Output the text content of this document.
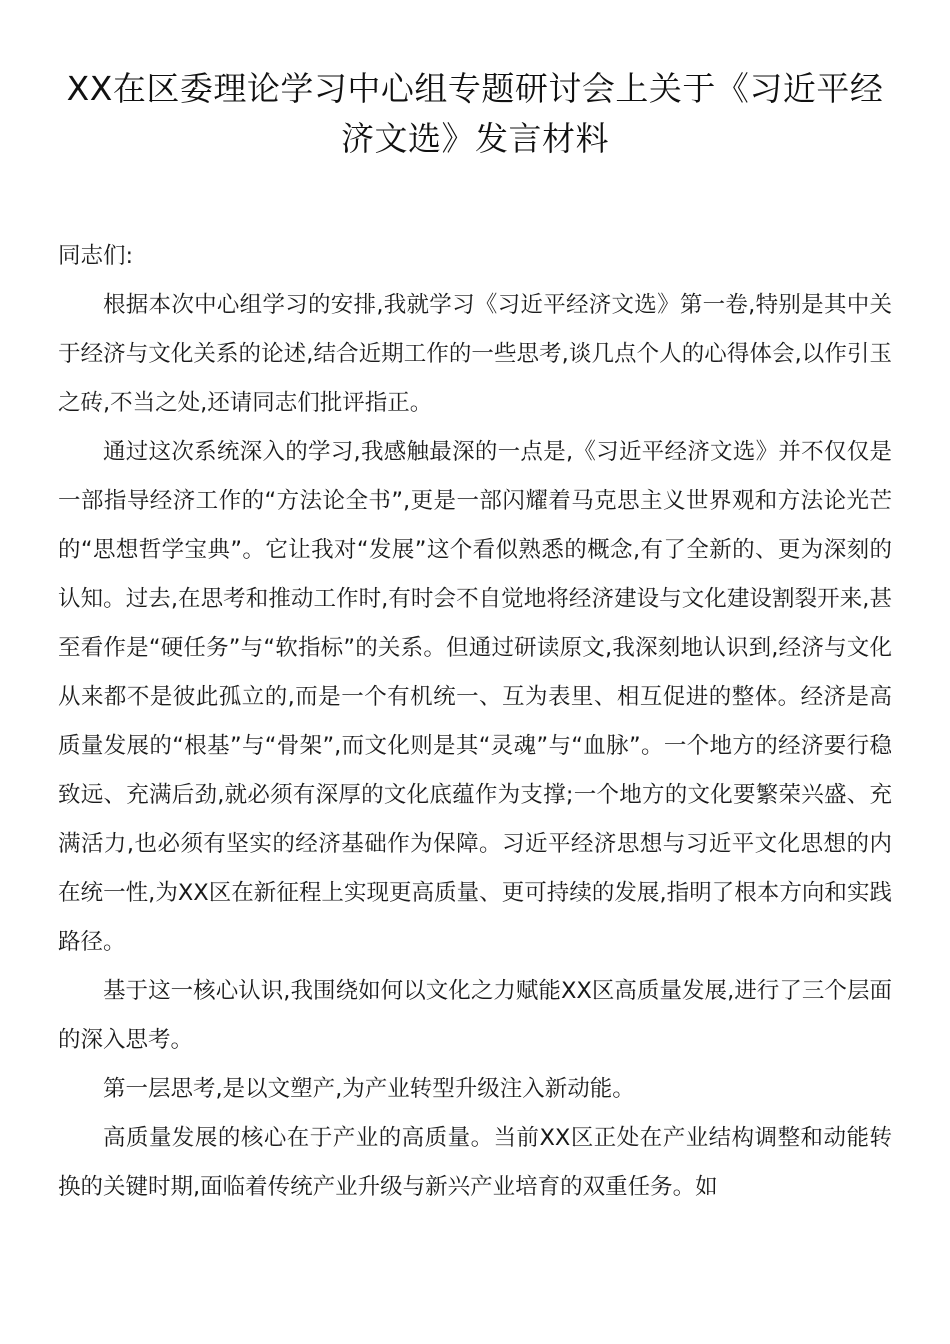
XX在区委理论学习中心组专题研讨会上关于《习近平经济文选》发言材料

同志们:

根据本次中心组学习的安排,我就学习《习近平经济文选》第一卷,特别是其中关于经济与文化关系的论述,结合近期工作的一些思考,谈几点个人的心得体会,以作引玉之砖,不当之处,还请同志们批评指正。

通过这次系统深入的学习,我感触最深的一点是,《习近平经济文选》并不仅仅是一部指导经济工作的“方法论全书”,更是一部闪耀着马克思主义世界观和方法论光芒的“思想哲学宝典”。它让我对“发展”这个看似熟悉的概念,有了全新的、更为深刻的认知。过去,在思考和推动工作时,有时会不自觉地将经济建设与文化建设割裂开来,甚至看作是“硬任务”与“软指标”的关系。但通过研读原文,我深刻地认识到,经济与文化从来都不是彼此孤立的,而是一个有机统一、互为表里、相互促进的整体。经济是高质量发展的“根基”与“骨架”,而文化则是其“灵魂”与“血脉”。一个地方的经济要行稳致远、充满后劲,就必须有深厚的文化底蕴作为支撑;一个地方的文化要繁荣兴盛、充满活力,也必须有坚实的经济基础作为保障。习近平经济思想与习近平文化思想的内在统一性,为XX区在新征程上实现更高质量、更可持续的发展,指明了根本方向和实践路径。

基于这一核心认识,我围绕如何以文化之力赋能XX区高质量发展,进行了三个层面的深入思考。

第一层思考,是以文塑产,为产业转型升级注入新动能。

高质量发展的核心在于产业的高质量。当前XX区正处在产业结构调整和动能转换的关键时期,面临着传统产业升级与新兴产业培育的双重任务。如
